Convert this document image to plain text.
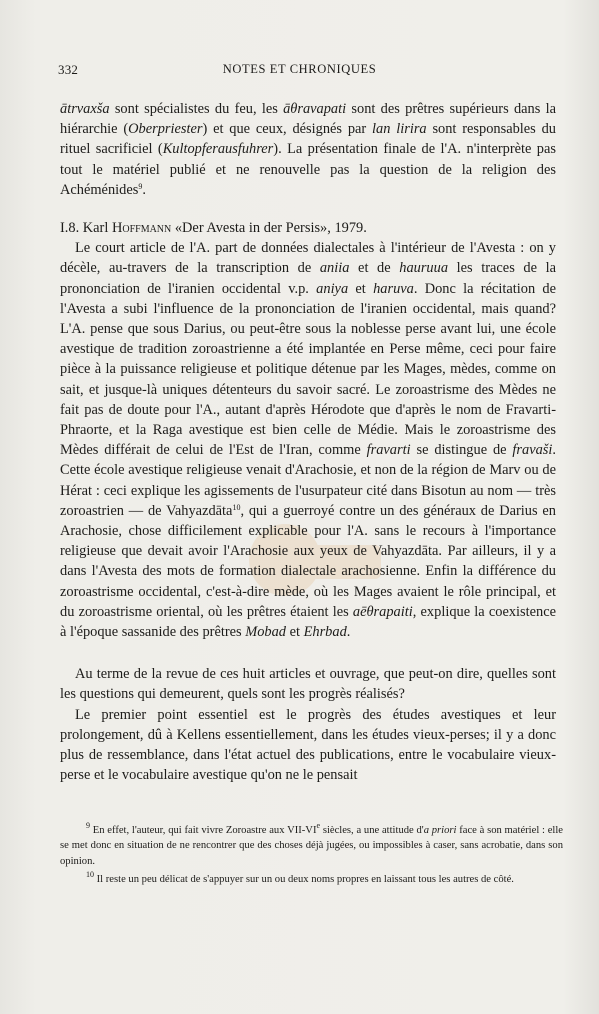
332	NOTES ET CHRONIQUES

ātrvaxša sont spécialistes du feu, les āθravapati sont des prêtres supérieurs dans la hiérarchie (Oberpriester) et que ceux, désignés par lan lirira sont responsables du rituel sacrificiel (Kultopferausfuhrer). La présentation finale de l'A. n'interprète pas tout le matériel publié et ne renouvelle pas la question de la religion des Achéménides$^9$.

I.8. Karl Hoffmann «Der Avesta in der Persis», 1979.

Le court article de l'A. part de données dialectales à l'intérieur de l'Avesta : on y décèle, au-travers de la transcription de aniia et de hauruua les traces de la prononciation de l'iranien occidental v.p. aniya et haruva. Donc la récitation de l'Avesta a subi l'influence de la prononciation de l'iranien occidental, mais quand? L'A. pense que sous Darius, ou peut-être sous la noblesse perse avant lui, une école avestique de tradition zoroastrienne a été implantée en Perse même, ceci pour faire pièce à la puissance religieuse et politique détenue par les Mages, mèdes, comme on sait, et jusque-là uniques détenteurs du savoir sacré. Le zoroastrisme des Mèdes ne fait pas de doute pour l'A., autant d'après Hérodote que d'après le nom de Fravarti-Phraorte, et la Raga avestique est bien celle de Médie. Mais le zoroastrisme des Mèdes différait de celui de l'Est de l'Iran, comme fravarti se distingue de fravaši. Cette école avestique religieuse venait d'Arachosie, et non de la région de Marv ou de Hérat : ceci explique les agissements de l'usurpateur cité dans Bisotun au nom — très zoroastrien — de Vahyazdāta$^{10}$, qui a guerroyé contre un des généraux de Darius en Arachosie, chose difficilement explicable pour l'A. sans le recours à l'importance religieuse que devait avoir l'Arachosie aux yeux de Vahyazdāta. Par ailleurs, il y a dans l'Avesta des mots de formation dialectale arachosienne. Enfin la différence du zoroastrisme occidental, c'est-à-dire mède, où les Mages avaient le rôle principal, et du zoroastrisme oriental, où les prêtres étaient les aēθrapaiti, explique la coexistence à l'époque sassanide des prêtres Mobad et Ehrbad.

Au terme de la revue de ces huit articles et ouvrage, que peut-on dire, quelles sont les questions qui demeurent, quels sont les progrès réalisés?

Le premier point essentiel est le progrès des études avestiques et leur prolongement, dû à Kellens essentiellement, dans les études vieux-perses; il y a donc plus de ressemblance, dans l'état actuel des publications, entre le vocabulaire vieux-perse et le vocabulaire avestique qu'on ne le pensait

$^9$ En effet, l'auteur, qui fait vivre Zoroastre aux VII-VIe siècles, a une attitude d'a priori face à son matériel : elle se met donc en situation de ne rencontrer que des choses déjà jugées, ou impossibles à caser, sans acrobatie, dans son opinion.

$^{10}$ Il reste un peu délicat de s'appuyer sur un ou deux noms propres en laissant tous les autres de côté.
